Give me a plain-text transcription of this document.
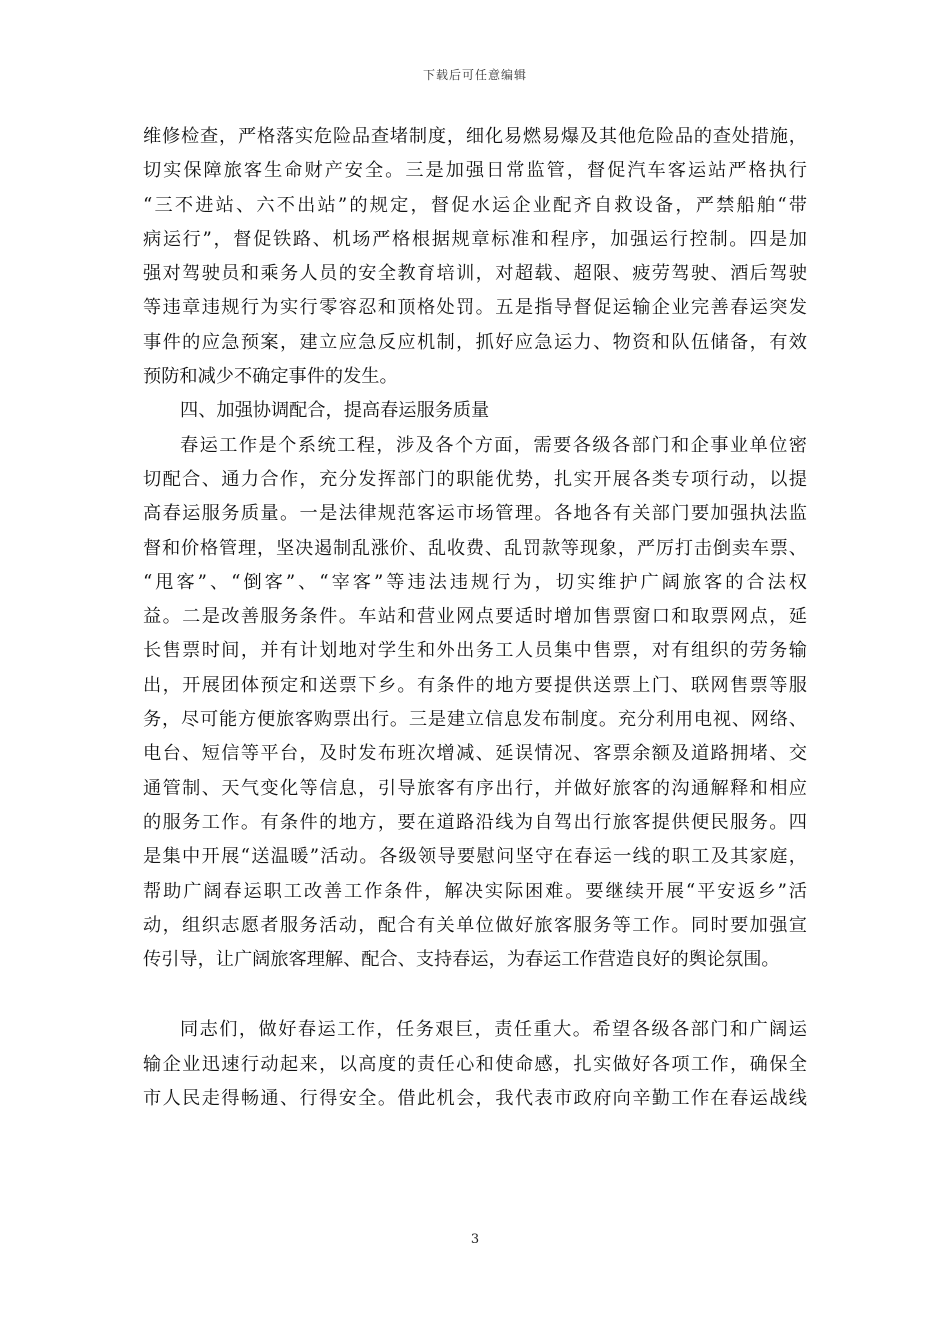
下载后可任意编辑
维修检查，严格落实危险品查堵制度，细化易燃易爆及其他危险品的查处措施，
切实保障旅客生命财产安全。三是加强日常监管，督促汽车客运站严格执行
“三不进站、六不出站”的规定，督促水运企业配齐自救设备，严禁船舶“带
病运行”，督促铁路、机场严格根据规章标准和程序，加强运行控制。四是加
强对驾驶员和乘务人员的安全教育培训，对超载、超限、疲劳驾驶、酒后驾驶
等违章违规行为实行零容忍和顶格处罚。五是指导督促运输企业完善春运突发
事件的应急预案，建立应急反应机制，抓好应急运力、物资和队伍储备，有效
预防和减少不确定事件的发生。
四、加强协调配合，提高春运服务质量
春运工作是个系统工程，涉及各个方面，需要各级各部门和企事业单位密
切配合、通力合作，充分发挥部门的职能优势，扎实开展各类专项行动，以提
高春运服务质量。一是法律规范客运市场管理。各地各有关部门要加强执法监
督和价格管理，坚决遏制乱涨价、乱收费、乱罚款等现象，严厉打击倒卖车票、
“甩客”、“倒客”、“宰客”等违法违规行为，切实维护广阔旅客的合法权
益。二是改善服务条件。车站和营业网点要适时增加售票窗口和取票网点，延
长售票时间，并有计划地对学生和外出务工人员集中售票，对有组织的劳务输
出，开展团体预定和送票下乡。有条件的地方要提供送票上门、联网售票等服
务，尽可能方便旅客购票出行。三是建立信息发布制度。充分利用电视、网络、
电台、短信等平台，及时发布班次增减、延误情况、客票余额及道路拥堵、交
通管制、天气变化等信息，引导旅客有序出行，并做好旅客的沟通解释和相应
的服务工作。有条件的地方，要在道路沿线为自驾出行旅客提供便民服务。四
是集中开展“送温暖”活动。各级领导要慰问坚守在春运一线的职工及其家庭，
帮助广阔春运职工改善工作条件，解决实际困难。要继续开展“平安返乡”活
动，组织志愿者服务活动，配合有关单位做好旅客服务等工作。同时要加强宣
传引导，让广阔旅客理解、配合、支持春运，为春运工作营造良好的舆论氛围。
同志们，做好春运工作，任务艰巨，责任重大。希望各级各部门和广阔运
输企业迅速行动起来，以高度的责任心和使命感，扎实做好各项工作，确保全
市人民走得畅通、行得安全。借此机会，我代表市政府向辛勤工作在春运战线
3
